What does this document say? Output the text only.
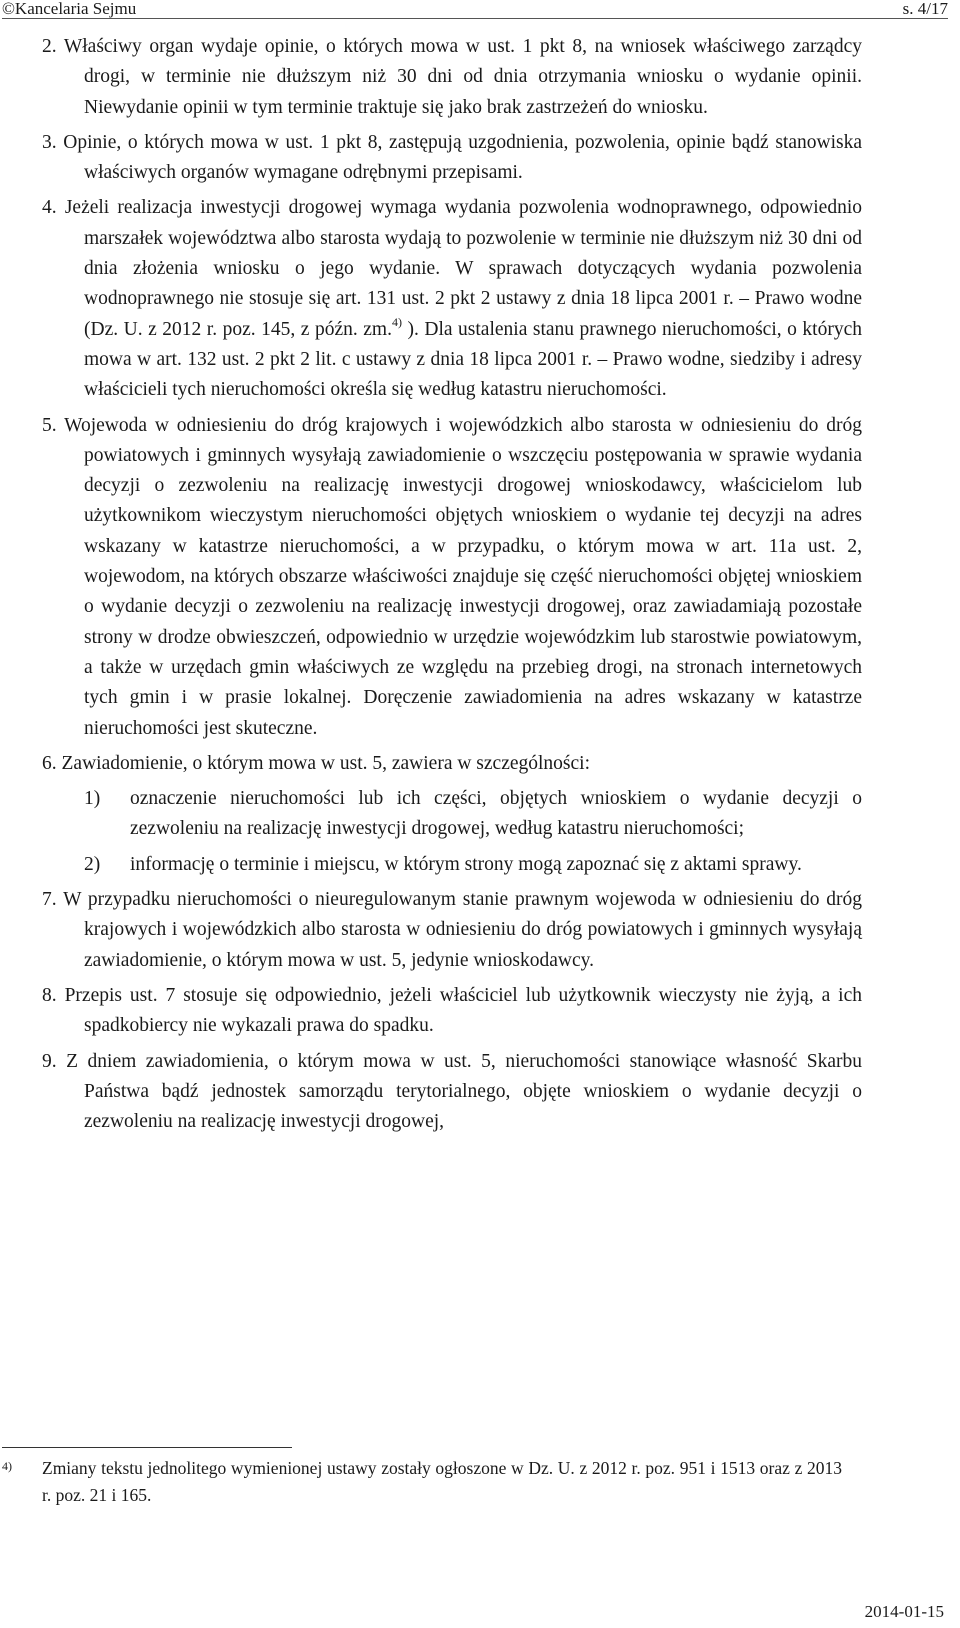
©Kancelaria Sejmu	s. 4/17

2. Właściwy organ wydaje opinie, o których mowa w ust. 1 pkt 8, na wniosek właściwego zarządcy drogi, w terminie nie dłuższym niż 30 dni od dnia otrzymania wniosku o wydanie opinii. Niewydanie opinii w tym terminie traktuje się jako brak zastrzeżeń do wniosku.

3. Opinie, o których mowa w ust. 1 pkt 8, zastępują uzgodnienia, pozwolenia, opinie bądź stanowiska właściwych organów wymagane odrębnymi przepisami.

4. Jeżeli realizacja inwestycji drogowej wymaga wydania pozwolenia wodnoprawnego, odpowiednio marszałek województwa albo starosta wydają to pozwolenie w terminie nie dłuższym niż 30 dni od dnia złożenia wniosku o jego wydanie. W sprawach dotyczących wydania pozwolenia wodnoprawnego nie stosuje się art. 131 ust. 2 pkt 2 ustawy z dnia 18 lipca 2001 r. – Prawo wodne (Dz. U. z 2012 r. poz. 145, z późn. zm.$^{4)}$ ). Dla ustalenia stanu prawnego nieruchomości, o których mowa w art. 132 ust. 2 pkt 2 lit. c ustawy z dnia 18 lipca 2001 r. – Prawo wodne, siedziby i adresy właścicieli tych nieruchomości określa się według katastru nieruchomości.

5. Wojewoda w odniesieniu do dróg krajowych i wojewódzkich albo starosta w odniesieniu do dróg powiatowych i gminnych wysyłają zawiadomienie o wszczęciu postępowania w sprawie wydania decyzji o zezwoleniu na realizację inwestycji drogowej wnioskodawcy, właścicielom lub użytkownikom wieczystym nieruchomości objętych wnioskiem o wydanie tej decyzji na adres wskazany w katastrze nieruchomości, a w przypadku, o którym mowa w art. 11a ust. 2, wojewodom, na których obszarze właściwości znajduje się część nieruchomości objętej wnioskiem o wydanie decyzji o zezwoleniu na realizację inwestycji drogowej, oraz zawiadamiają pozostałe strony w drodze obwieszczeń, odpowiednio w urzędzie wojewódzkim lub starostwie powiatowym, a także w urzędach gmin właściwych ze względu na przebieg drogi, na stronach internetowych tych gmin i w prasie lokalnej. Doręczenie zawiadomienia na adres wskazany w katastrze nieruchomości jest skuteczne.

6. Zawiadomienie, o którym mowa w ust. 5, zawiera w szczególności:

1) oznaczenie nieruchomości lub ich części, objętych wnioskiem o wydanie decyzji o zezwoleniu na realizację inwestycji drogowej, według katastru nieruchomości;

2) informację o terminie i miejscu, w którym strony mogą zapoznać się z aktami sprawy.

7. W przypadku nieruchomości o nieuregulowanym stanie prawnym wojewoda w odniesieniu do dróg krajowych i wojewódzkich albo starosta w odniesieniu do dróg powiatowych i gminnych wysyłają zawiadomienie, o którym mowa w ust. 5, jedynie wnioskodawcy.

8. Przepis ust. 7 stosuje się odpowiednio, jeżeli właściciel lub użytkownik wieczysty nie żyją, a ich spadkobiercy nie wykazali prawa do spadku.

9. Z dniem zawiadomienia, o którym mowa w ust. 5, nieruchomości stanowiące własność Skarbu Państwa bądź jednostek samorządu terytorialnego, objęte wnioskiem o wydanie decyzji o zezwoleniu na realizację inwestycji drogowej,

4) Zmiany tekstu jednolitego wymienionej ustawy zostały ogłoszone w Dz. U. z 2012 r. poz. 951 i 1513 oraz z 2013 r. poz. 21 i 165.
2014-01-15
